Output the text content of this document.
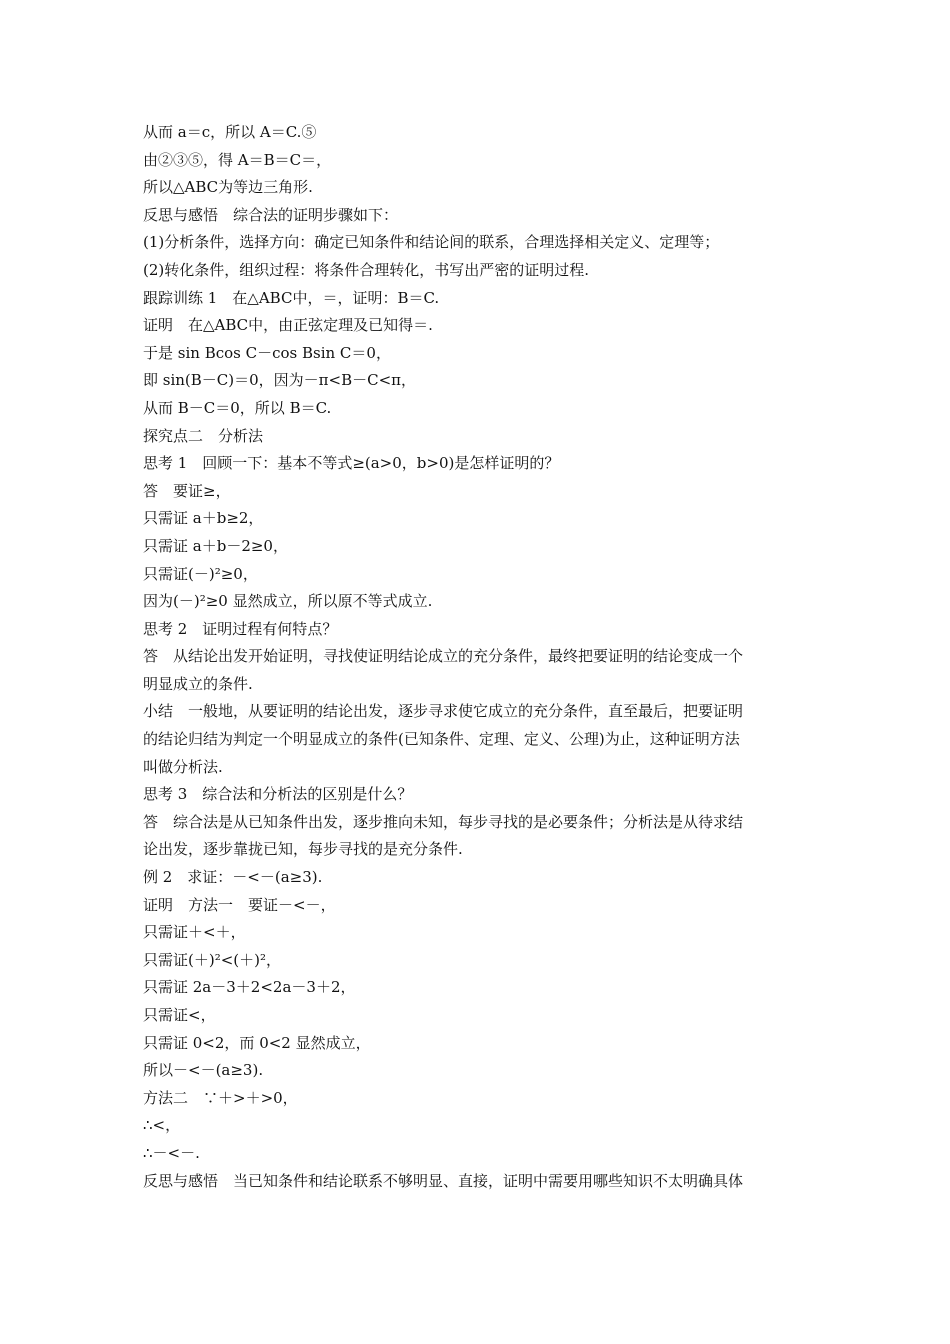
从而 a＝c，所以 A＝C.⑤
由②③⑤，得 A＝B＝C＝，
所以△ABC为等边三角形.
反思与感悟　综合法的证明步骤如下：
(1)分析条件，选择方向：确定已知条件和结论间的联系，合理选择相关定义、定理等；
(2)转化条件，组织过程：将条件合理转化，书写出严密的证明过程.
跟踪训练 1　在△ABC中，＝，证明：B＝C.
证明　在△ABC中，由正弦定理及已知得＝.
于是 sin Bcos C－cos Bsin C＝0，
即 sin(B－C)＝0，因为－π<B－C<π，
从而 B－C＝0，所以 B＝C.
探究点二　分析法
思考 1　回顾一下：基本不等式≥(a>0，b>0)是怎样证明的？
答　要证≥，
只需证 a＋b≥2，
只需证 a＋b－2≥0，
只需证(－)²≥0，
因为(－)²≥0 显然成立，所以原不等式成立.
思考 2　证明过程有何特点？
答　从结论出发开始证明，寻找使证明结论成立的充分条件，最终把要证明的结论变成一个
明显成立的条件.
小结　一般地，从要证明的结论出发，逐步寻求使它成立的充分条件，直至最后，把要证明
的结论归结为判定一个明显成立的条件(已知条件、定理、定义、公理)为止，这种证明方法
叫做分析法.
思考 3　综合法和分析法的区别是什么？
答　综合法是从已知条件出发，逐步推向未知，每步寻找的是必要条件；分析法是从待求结
论出发，逐步靠拢已知，每步寻找的是充分条件.
例 2　求证：－<－(a≥3).
证明　方法一　要证－<－，
只需证＋<＋，
只需证(＋)²<(＋)²，
只需证 2a－3＋2<2a－3＋2，
只需证<，
只需证 0<2，而 0<2 显然成立，
所以－<－(a≥3).
方法二　∵＋>＋>0，
∴<，
∴－<－.
反思与感悟　当已知条件和结论联系不够明显、直接，证明中需要用哪些知识不太明确具体
